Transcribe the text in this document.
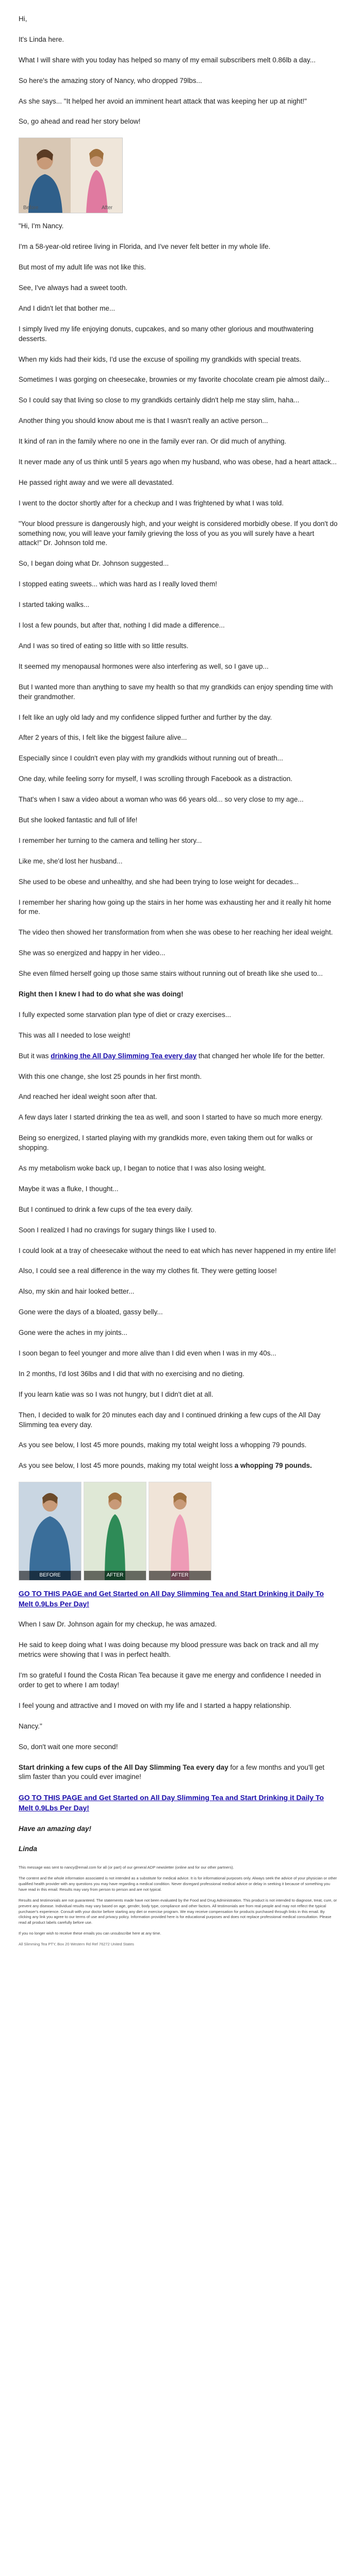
Hi,

It's Linda here.

What I will share with you today has helped so many of my email subscribers melt 0.86lb a day...

So here's the amazing story of Nancy, who dropped 79lbs...

As she says... "It helped her avoid an imminent heart attack that was keeping her up at night!"

So, go ahead and read her story below!

Before	After

"Hi, I'm Nancy.

I'm a 58-year-old retiree living in Florida, and I've never felt better in my whole life.

But most of my adult life was not like this.

See, I've always had a sweet tooth.

And I didn't let that bother me...

I simply lived my life enjoying donuts, cupcakes, and so many other glorious and mouthwatering desserts.

When my kids had their kids, I'd use the excuse of spoiling my grandkids with special treats.

Sometimes I was gorging on cheesecake, brownies or my favorite chocolate cream pie almost daily...

So I could say that living so close to my grandkids certainly didn't help me stay slim, haha...

Another thing you should know about me is that I wasn't really an active person...

It kind of ran in the family where no one in the family ever ran. Or did much of anything.

It never made any of us think until 5 years ago when my husband, who was obese, had a heart attack...

He passed right away and we were all devastated.

I went to the doctor shortly after for a checkup and I was frightened by what I was told.

"Your blood pressure is dangerously high, and your weight is considered morbidly obese. If you don't do something now, you will leave your family grieving the loss of you as you will surely have a heart attack!" Dr. Johnson told me.

So, I began doing what Dr. Johnson suggested...

I stopped eating sweets... which was hard as I really loved them!

I started taking walks...

I lost a few pounds, but after that, nothing I did made a difference...

And I was so tired of eating so little with so little results.

It seemed my menopausal hormones were also interfering as well, so I gave up...

But I wanted more than anything to save my health so that my grandkids can enjoy spending time with their grandmother.

I felt like an ugly old lady and my confidence slipped further and further by the day.

After 2 years of this, I felt like the biggest failure alive...

Especially since I couldn't even play with my grandkids without running out of breath...

One day, while feeling sorry for myself, I was scrolling through Facebook as a distraction.

That's when I saw a video about a woman who was 66 years old... so very close to my age...

But she looked fantastic and full of life!

I remember her turning to the camera and telling her story...

Like me, she'd lost her husband...

She used to be obese and unhealthy, and she had been trying to lose weight for decades...

I remember her sharing how going up the stairs in her home was exhausting her and it really hit home for me.

The video then showed her transformation from when she was obese to her reaching her ideal weight.

She was so energized and happy in her video...

She even filmed herself going up those same stairs without running out of breath like she used to...

Right then I knew I had to do what she was doing!

I fully expected some starvation plan type of diet or crazy exercises...

This was all I needed to lose weight!

But it was drinking the All Day Slimming Tea every day that changed her whole life for the better.

With this one change, she lost 25 pounds in her first month.

And reached her ideal weight soon after that.

A few days later I started drinking the tea as well, and soon I started to have so much more energy.

Being so energized, I started playing with my grandkids more, even taking them out for walks or shopping.

As my metabolism woke back up, I began to notice that I was also losing weight.

Maybe it was a fluke, I thought...

But I continued to drink a few cups of the tea every daily.

Soon I realized I had no cravings for sugary things like I used to.

I could look at a tray of cheesecake without the need to eat which has never happened in my entire life!

Also, I could see a real difference in the way my clothes fit. They were getting loose!

Also, my skin and hair looked better...

Gone were the days of a bloated, gassy belly...

Gone were the aches in my joints...

I soon began to feel younger and more alive than I did even when I was in my 40s...

In 2 months, I'd lost 36lbs and I did that with no exercising and no dieting.

If you learn katie was so I was not hungry, but I didn't diet at all.

Then, I decided to walk for 20 minutes each day and I continued drinking a few cups of the All Day Slimming tea every day.

As you see below, I lost 45 more pounds, making my total weight loss a whopping 79 pounds.

As you see below, I lost 45 more pounds, making my total weight loss a whopping 79 pounds.

BEFORE	AFTER	AFTER

GO TO THIS PAGE and Get Started on All Day Slimming Tea and Start Drinking it Daily To Melt 0.9Lbs Per Day!

When I saw Dr. Johnson again for my checkup, he was amazed.

He said to keep doing what I was doing because my blood pressure was back on track and all my metrics were showing that I was in perfect health.

I'm so grateful I found the Costa Rican Tea because it gave me energy and confidence I needed in order to get to where I am today!

I feel young and attractive and I moved on with my life and I started a happy relationship.

Nancy."

So, don't wait one more second!

Start drinking a few cups of the All Day Slimming Tea every day for a few months and you'll get slim faster than you could ever imagine!

GO TO THIS PAGE and Get Started on All Day Slimming Tea and Start Drinking it Daily To Melt 0.9Lbs Per Day!

Have an amazing day!

Linda

This message was sent to nancy@email.com for all (or part) of our general ADP newsletter (online and for our other partners).

The content and the whole information associated is not intended as a substitute for medical advice. It is for informational purposes only. Always seek the advice of your physician or other qualified health provider with any questions you may have regarding a medical condition. Never disregard professional medical advice or delay in seeking it because of something you have read in this email. Results may vary from person to person and are not typical.

Results and testimonials are not guaranteed. The statements made have not been evaluated by the Food and Drug Administration. This product is not intended to diagnose, treat, cure, or prevent any disease. Individual results may vary based on age, gender, body type, compliance and other factors. All testimonials are from real people and may not reflect the typical purchaser's experience. Consult with your doctor before starting any diet or exercise program. We may receive compensation for products purchased through links in this email. By clicking any link you agree to our terms of use and privacy policy. Information provided here is for educational purposes and does not replace professional medical consultation. Please read all product labels carefully before use.

If you no longer wish to receive these emails you can unsubscribe here at any time.

All Slimming Tea PTY, Box 20 Western Rd Ref 76272 United States
